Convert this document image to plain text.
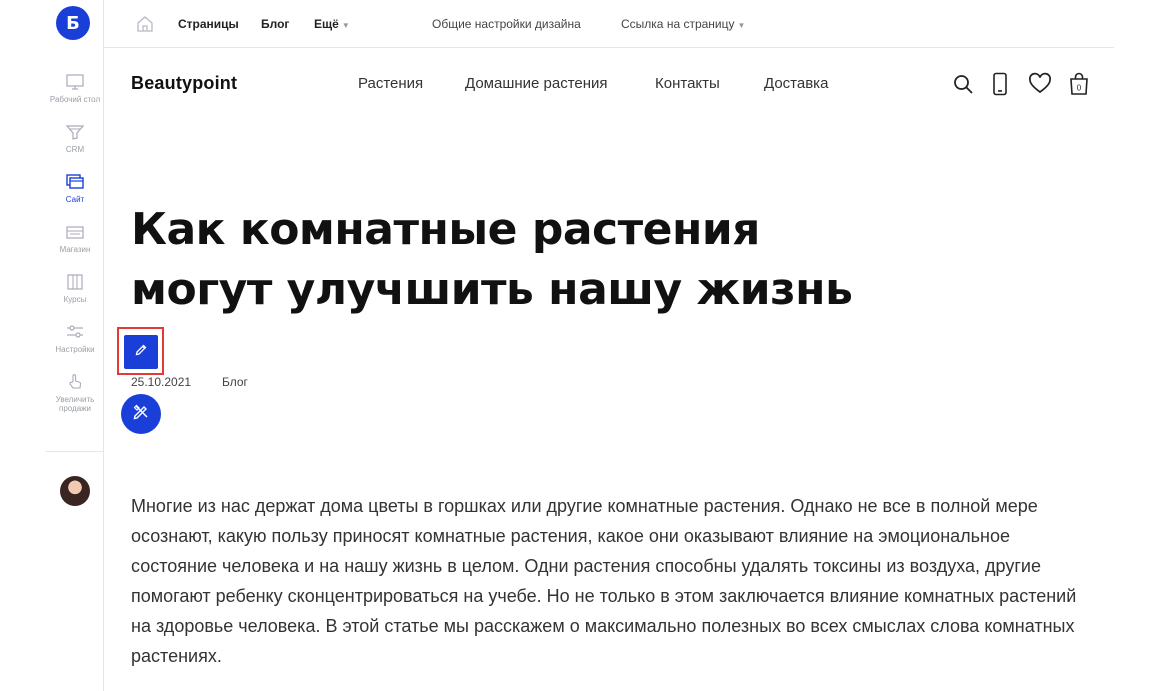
Б
Рабочий стол
CRM
Сайт
Магазин
Курсы
Настройки
Увеличить продажи
Страницы Блог Ещё ▼	Общие настройки дизайна	Ссылка на страницу ▼
Beautypoint	Растения	Домашние растения	Контакты	Доставка	0
Как комнатные растения могут улучшить нашу жизнь
25.10.2021	Блог

Многие из нас держат дома цветы в горшках или другие комнатные растения. Однако не все в полной мере осознают, какую пользу приносят комнатные растения, какое они оказывают влияние на эмоциональное состояние человека и на нашу жизнь в целом. Одни растения способны удалять токсины из воздуха, другие помогают ребенку сконцентрироваться на учебе. Но не только в этом заключается влияние комнатных растений на здоровье человека. В этой статье мы расскажем о максимально полезных во всех смыслах слова комнатных растениях.
